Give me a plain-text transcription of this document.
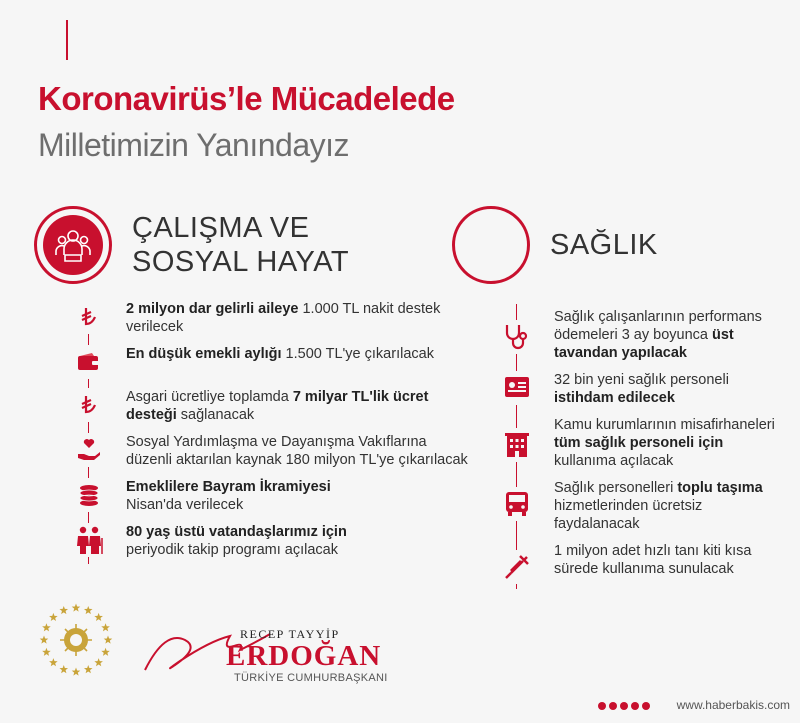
Koronavirüs’le Mücadelede
Milletimizin Yanındayız
ÇALIŞMA VE
SOSYAL HAYAT
SAĞLIK
2 milyon dar gelirli aileye 1.000 TL nakit destek verilecek
En düşük emekli aylığı 1.500 TL'ye çıkarılacak
Asgari ücretliye toplamda 7 milyar TL'lik ücret desteği sağlanacak
Sosyal Yardımlaşma ve Dayanışma Vakıflarına düzenli aktarılan kaynak 180 milyon TL'ye çıkarılacak
Emeklilere Bayram İkramiyesi
Nisan'da verilecek
80 yaş üstü vatandaşlarımız için
periyodik takip programı açılacak
Sağlık çalışanlarının performans ödemeleri 3 ay boyunca üst tavandan yapılacak
32 bin yeni sağlık personeli istihdam edilecek
Kamu kurumlarının misafirhaneleri tüm sağlık personeli için kullanıma açılacak
Sağlık personelleri toplu taşıma hizmetlerinden ücretsiz faydalanacak
1 milyon adet hızlı tanı kiti kısa sürede kullanıma sunulacak
RECEP TAYYİP
ERDOĞAN
TÜRKİYE CUMHURBAŞKANI
www.haberbakis.com
